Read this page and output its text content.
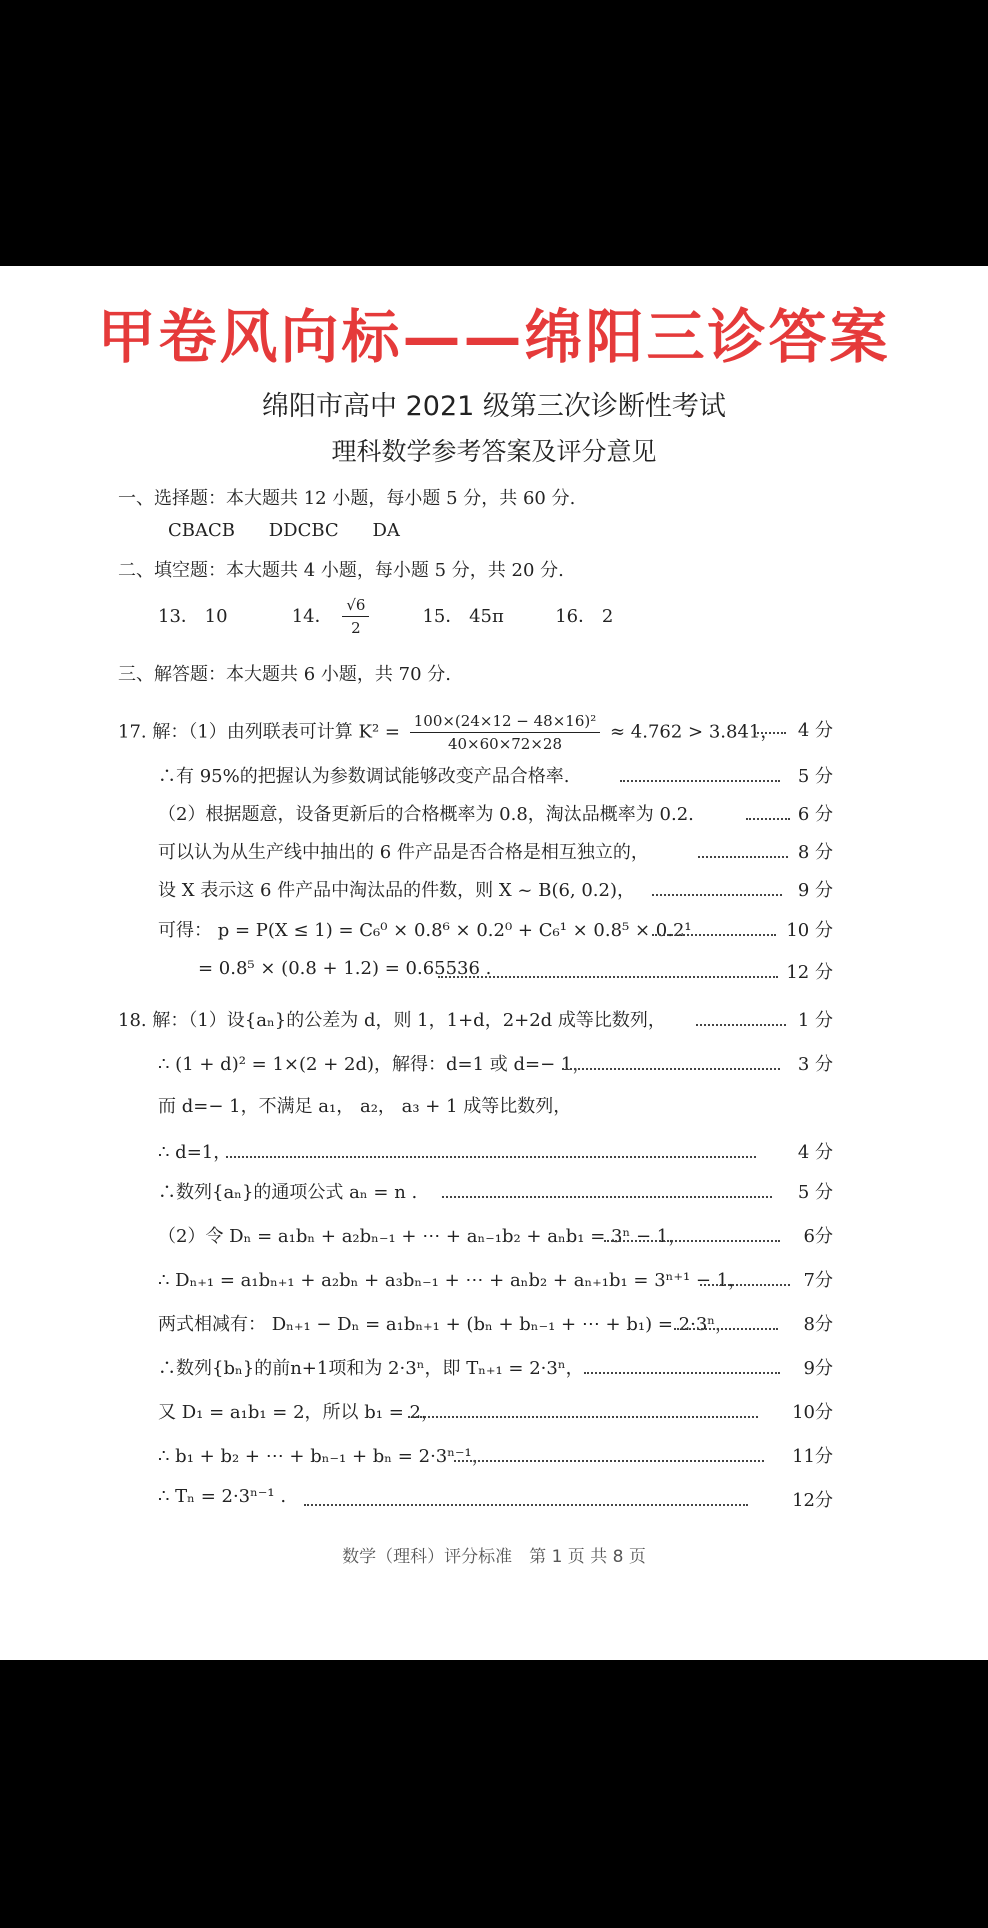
甲卷风向标——绵阳三诊答案
绵阳市高中 2021 级第三次诊断性考试
理科数学参考答案及评分意见
一、选择题：本大题共 12 小题，每小题 5 分，共 60 分.
CBACB DDCBC DA
二、填空题：本大题共 4 小题，每小题 5 分，共 20 分.
13． 10	14． $\frac{√6}{2}$	15． 45π	16． 2
三、解答题：本大题共 6 小题，共 70 分.
17. 解：（1）由列联表可计算 $K^2 = \frac{\text{100×(24×12 − 48×16)²}}{40\times 60\times 72\times 28} \approx 4.762 > 3.841$， 4 分
∴有 95%的把握认为参数调试能够改变产品合格率.	5 分
（2）根据题意，设备更新后的合格概率为 0.8，淘汰品概率为 0.2.	6 分
可以认为从生产线中抽出的 6 件产品是否合格是相互独立的，	8 分
设 X 表示这 6 件产品中淘汰品的件数，则 X ~ B(6, 0.2)，	9 分
可得： p = P(X ≤ 1) = C₆⁰ × 0.8⁶ × 0.2⁰ + C₆¹ × 0.8⁵ × 0.2¹	10 分
= 0.8⁵ × (0.8 + 1.2) = 0.65536 .	12 分
18. 解：（1）设{aₙ}的公差为 d，则 1，1+d，2+2d 成等比数列，	1 分
∴ (1 + d)² = 1×(2 + 2d)，解得：d=1 或 d=− 1，	3 分
而 d=− 1，不满足 a₁， a₂， a₃ + 1 成等比数列，
∴ d=1，	4 分
∴数列{aₙ}的通项公式 aₙ = n .	5 分
（2）令 Dₙ = a₁bₙ + a₂bₙ₋₁ + ⋯ + aₙ₋₁b₂ + aₙb₁ = 3ⁿ − 1，	6分
∴ Dₙ₊₁ = a₁bₙ₊₁ + a₂bₙ + a₃bₙ₋₁ + ⋯ + aₙb₂ + aₙ₊₁b₁ = 3ⁿ⁺¹ − 1，	7分
两式相减有： Dₙ₊₁ − Dₙ = a₁bₙ₊₁ + (bₙ + bₙ₋₁ + ⋯ + b₁) = 2·3ⁿ，	8分
∴数列{bₙ}的前n+1项和为 2·3ⁿ，即 Tₙ₊₁ = 2·3ⁿ，	9分
又 D₁ = a₁b₁ = 2，所以 b₁ = 2，	10分
∴ b₁ + b₂ + ⋯ + bₙ₋₁ + bₙ = 2·3ⁿ⁻¹，	11分
∴ Tₙ = 2·3ⁿ⁻¹ .	12分
数学（理科）评分标准　第 1 页 共 8 页
